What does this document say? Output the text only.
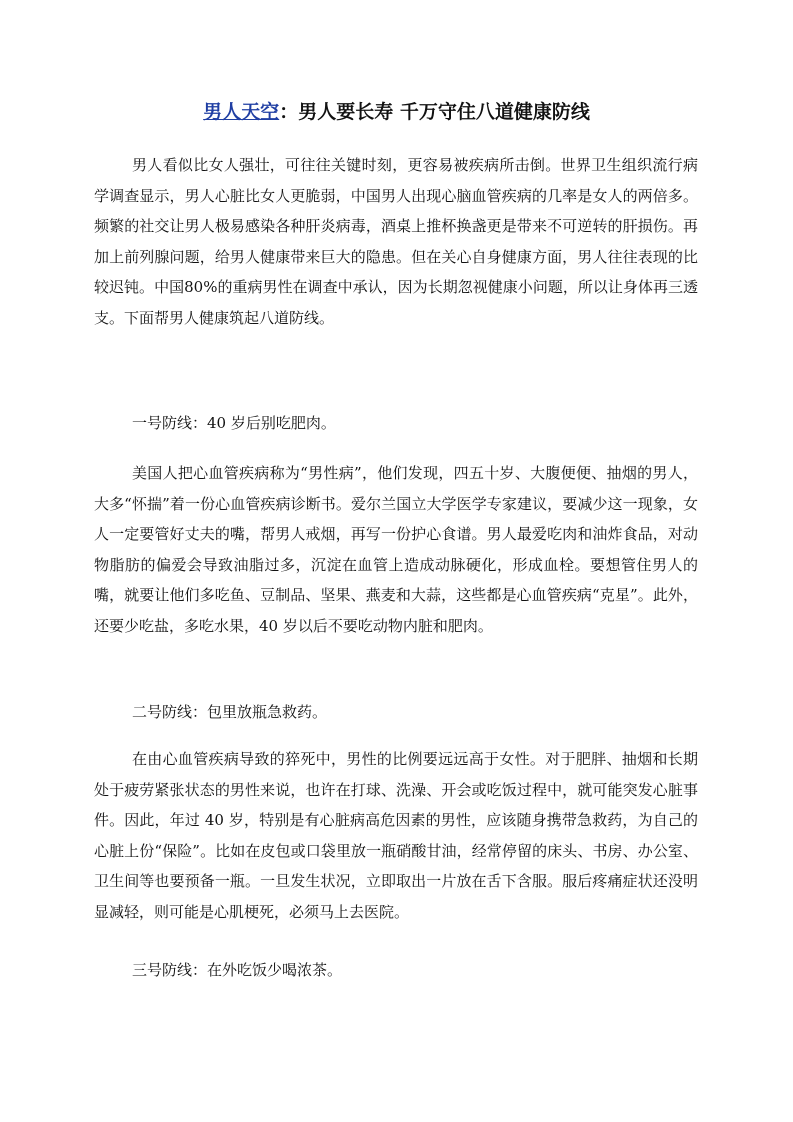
男人天空：男人要长寿 千万守住八道健康防线

男人看似比女人强壮，可往往关键时刻，更容易被疾病所击倒。世界卫生组织流行病学调查显示，男人心脏比女人更脆弱，中国男人出现心脑血管疾病的几率是女人的两倍多。频繁的社交让男人极易感染各种肝炎病毒，酒桌上推杯换盏更是带来不可逆转的肝损伤。再加上前列腺问题，给男人健康带来巨大的隐患。但在关心自身健康方面，男人往往表现的比较迟钝。中国80%的重病男性在调查中承认，因为长期忽视健康小问题，所以让身体再三透支。下面帮男人健康筑起八道防线。

一号防线：40 岁后别吃肥肉。

美国人把心血管疾病称为“男性病”，他们发现，四五十岁、大腹便便、抽烟的男人，大多“怀揣”着一份心血管疾病诊断书。爱尔兰国立大学医学专家建议，要减少这一现象，女人一定要管好丈夫的嘴，帮男人戒烟，再写一份护心食谱。男人最爱吃肉和油炸食品，对动物脂肪的偏爱会导致油脂过多，沉淀在血管上造成动脉硬化，形成血栓。要想管住男人的嘴，就要让他们多吃鱼、豆制品、坚果、燕麦和大蒜，这些都是心血管疾病“克星”。此外，还要少吃盐，多吃水果，40 岁以后不要吃动物内脏和肥肉。

二号防线：包里放瓶急救药。

在由心血管疾病导致的猝死中，男性的比例要远远高于女性。对于肥胖、抽烟和长期处于疲劳紧张状态的男性来说，也许在打球、洗澡、开会或吃饭过程中，就可能突发心脏事件。因此，年过 40 岁，特别是有心脏病高危因素的男性，应该随身携带急救药，为自己的心脏上份“保险”。比如在皮包或口袋里放一瓶硝酸甘油，经常停留的床头、书房、办公室、卫生间等也要预备一瓶。一旦发生状况，立即取出一片放在舌下含服。服后疼痛症状还没明显减轻，则可能是心肌梗死，必须马上去医院。

三号防线：在外吃饭少喝浓茶。
